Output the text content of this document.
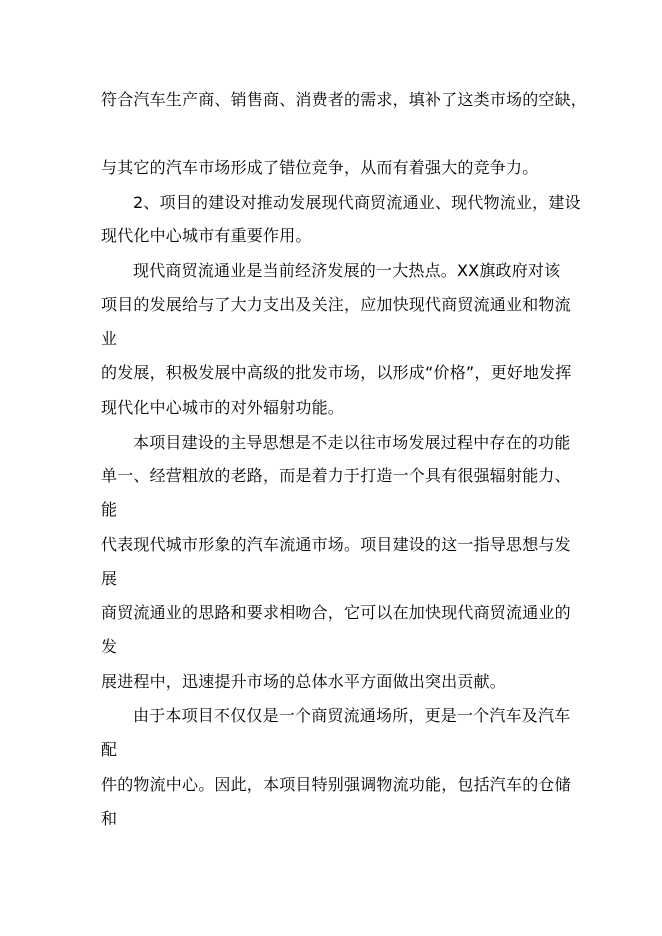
符合汽车生产商、销售商、消费者的需求，填补了这类市场的空缺，
与其它的汽车市场形成了错位竞争，从而有着强大的竞争力。
2、项目的建设对推动发展现代商贸流通业、现代物流业，建设
现代化中心城市有重要作用。
现代商贸流通业是当前经济发展的一大热点。XX旗政府对该
项目的发展给与了大力支出及关注，应加快现代商贸流通业和物流
业
的发展，积极发展中高级的批发市场，以形成“价格”，更好地发挥
现代化中心城市的对外辐射功能。
本项目建设的主导思想是不走以往市场发展过程中存在的功能
单一、经营粗放的老路，而是着力于打造一个具有很强辐射能力、
能
代表现代城市形象的汽车流通市场。项目建设的这一指导思想与发
展
商贸流通业的思路和要求相吻合，它可以在加快现代商贸流通业的
发
展进程中，迅速提升市场的总体水平方面做出突出贡献。
由于本项目不仅仅是一个商贸流通场所，更是一个汽车及汽车
配
件的物流中心。因此，本项目特别强调物流功能，包括汽车的仓储
和
